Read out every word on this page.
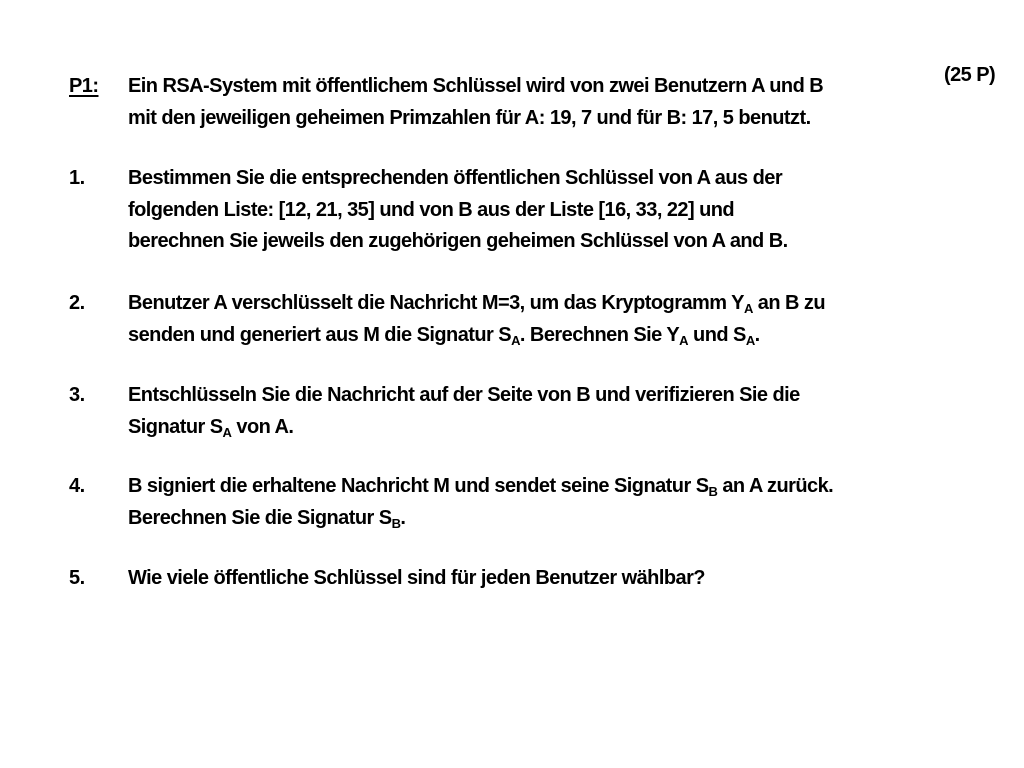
(25 P)
P1:	Ein RSA-System mit öffentlichem Schlüssel wird von zwei Benutzern A und B
mit den jeweiligen geheimen Primzahlen für A: 19, 7 und für B: 17, 5 benutzt.
1.	Bestimmen Sie die entsprechenden öffentlichen Schlüssel von A aus der
folgenden Liste: [12, 21, 35] und von B aus der Liste [16, 33, 22] und
berechnen Sie jeweils den zugehörigen geheimen Schlüssel von A and B.
2.	Benutzer A verschlüsselt die Nachricht M=3, um das Kryptogramm $Y_A$ an B zu
senden und generiert aus M die Signatur $S_A$. Berechnen Sie $Y_A$ und $S_A$.
3.	Entschlüsseln Sie die Nachricht auf der Seite von B und verifizieren Sie die
Signatur $S_A$ von A.
4.	B signiert die erhaltene Nachricht M und sendet seine Signatur $S_B$ an A zurück.
Berechnen Sie die Signatur $S_B$.
5.	Wie viele öffentliche Schlüssel sind für jeden Benutzer wählbar?
